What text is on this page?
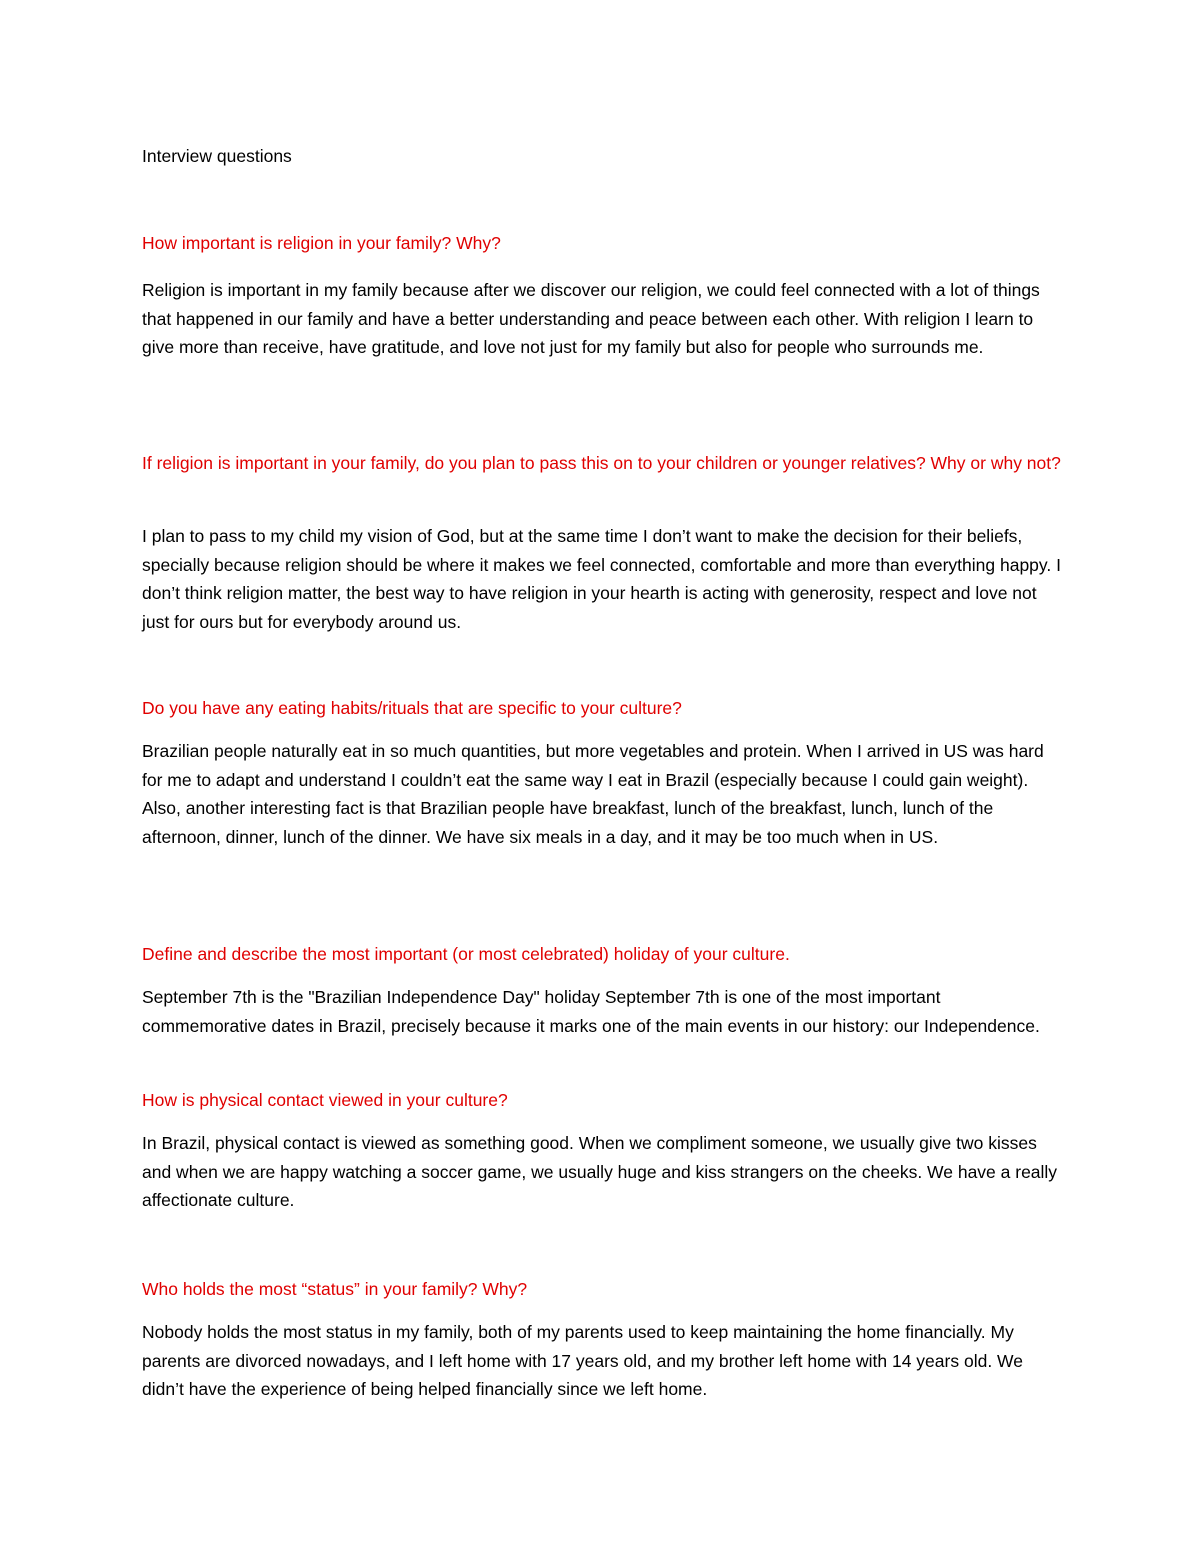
Interview questions
How important is religion in your family? Why?

Religion is important in my family because after we discover our religion, we could feel connected with a lot of things that happened in our family and have a better understanding and peace between each other. With religion I learn to give more than receive, have gratitude, and love not just for my family but also for people who surrounds me.

If religion is important in your family, do you plan to pass this on to your children or younger relatives? Why or why not?

I plan to pass to my child my vision of God, but at the same time I don’t want to make the decision for their beliefs, specially because religion should be where it makes we feel connected, comfortable and more than everything happy. I don’t think religion matter, the best way to have religion in your hearth is acting with generosity, respect and love not just for ours but for everybody around us.

Do you have any eating habits/rituals that are specific to your culture?

Brazilian people naturally eat in so much quantities, but more vegetables and protein. When I arrived in US was hard for me to adapt and understand I couldn’t eat the same way I eat in Brazil (especially because I could gain weight). Also, another interesting fact is that Brazilian people have breakfast, lunch of the breakfast, lunch, lunch of the afternoon, dinner, lunch of the dinner. We have six meals in a day, and it may be too much when in US.

Define and describe the most important (or most celebrated) holiday of your culture.

September 7th is the "Brazilian Independence Day" holiday September 7th is one of the most important commemorative dates in Brazil, precisely because it marks one of the main events in our history: our Independence.

How is physical contact viewed in your culture?

In Brazil, physical contact is viewed as something good. When we compliment someone, we usually give two kisses and when we are happy watching a soccer game, we usually huge and kiss strangers on the cheeks. We have a really affectionate culture.

Who holds the most “status” in your family? Why?

Nobody holds the most status in my family, both of my parents used to keep maintaining the home financially. My parents are divorced nowadays, and I left home with 17 years old, and my brother left home with 14 years old. We didn’t have the experience of being helped financially since we left home.
